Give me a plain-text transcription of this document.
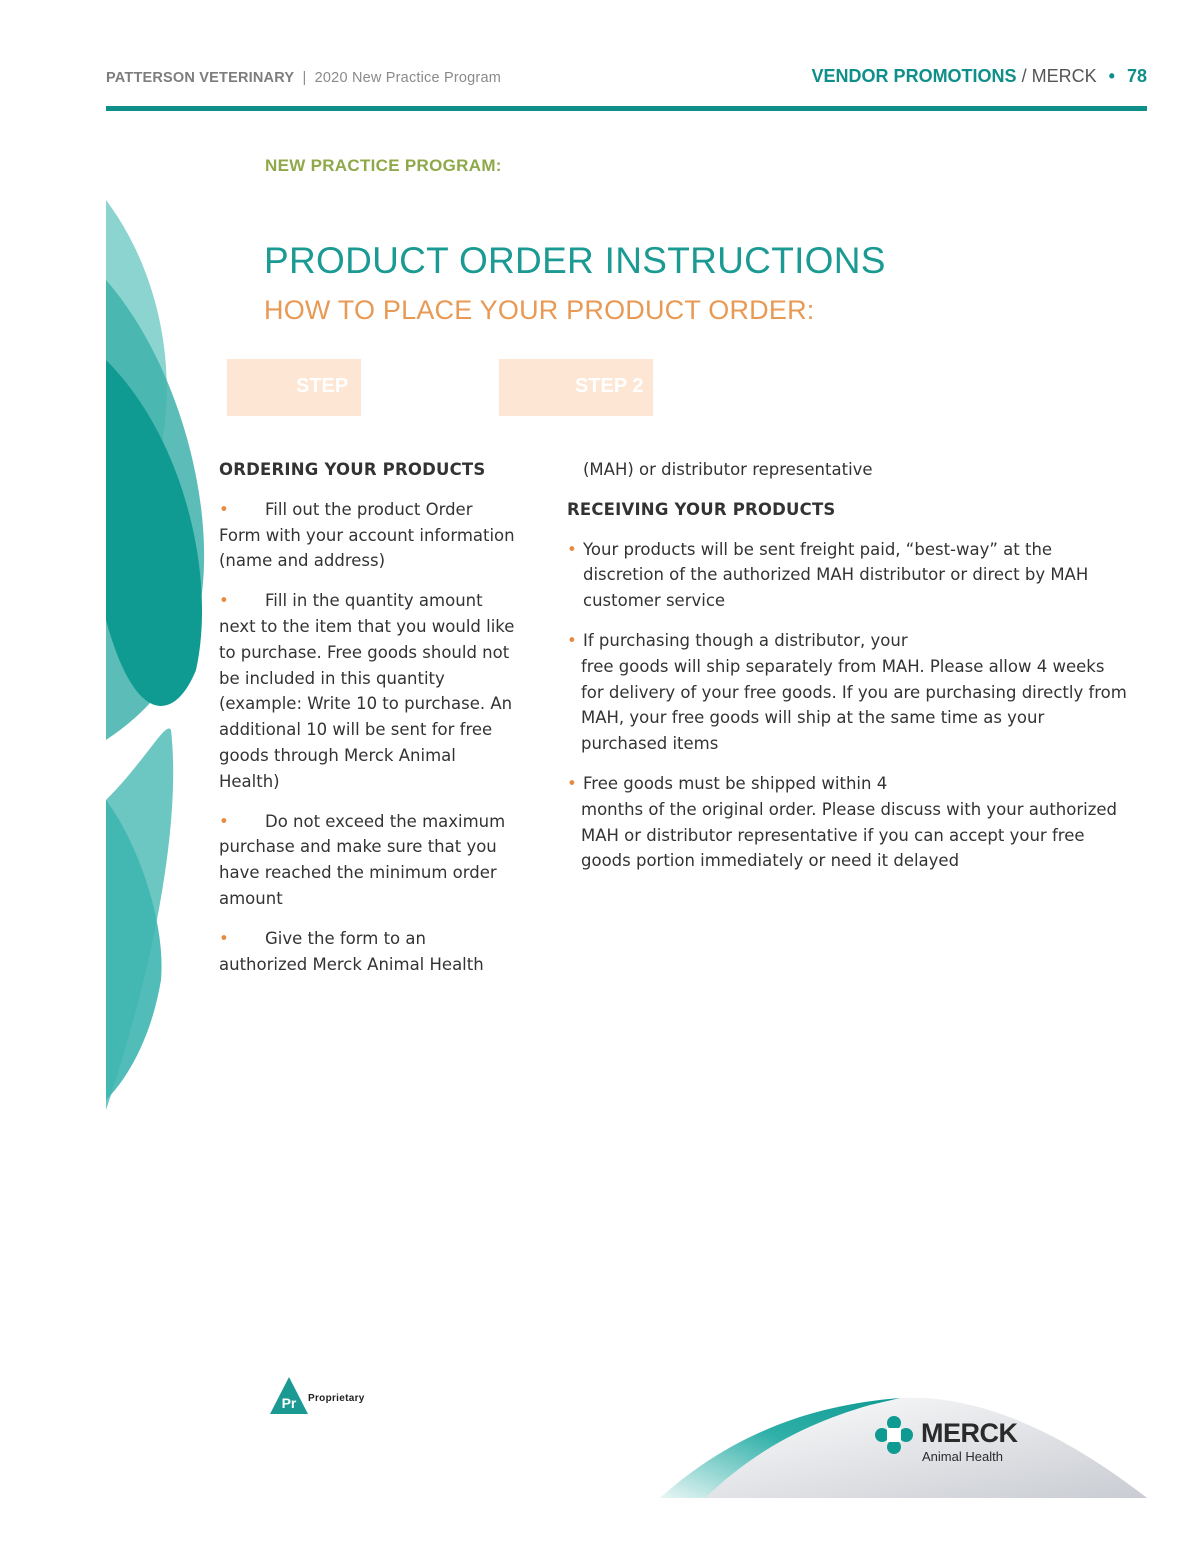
PATTERSON VETERINARY | 2020 New Practice Program	VENDOR PROMOTIONS / MERCK • 78
NEW PRACTICE PROGRAM:
PRODUCT ORDER INSTRUCTIONS
HOW TO PLACE YOUR PRODUCT ORDER:
STEP 1
STEP 2
ORDERING YOUR PRODUCTS

• Fill out the product Order Form with your account information (name and address)

• Fill in the quantity amount next to the item that you would like to purchase. Free goods should not be included in this quantity (example: Write 10 to purchase. An additional 10 will be sent for free goods through Merck Animal Health)

• Do not exceed the maximum purchase and make sure that you have reached the minimum order amount

• Give the form to an authorized Merck Animal Health

(MAH) or distributor representative
RECEIVING YOUR PRODUCTS
• Your products will be sent freight paid, “best-way” at the
discretion of the authorized MAH distributor or direct by MAH customer service
• If purchasing though a distributor, your
free goods will ship separately from MAH. Please allow 4 weeks for delivery of your free goods. If you are purchasing directly from MAH, your free goods will ship at the same time as your purchased items
• Free goods must be shipped within 4
months of the original order. Please discuss with your authorized MAH or distributor representative if you can accept your free goods portion immediately or need it delayed
Pr Proprietary
MERCK
Animal Health
